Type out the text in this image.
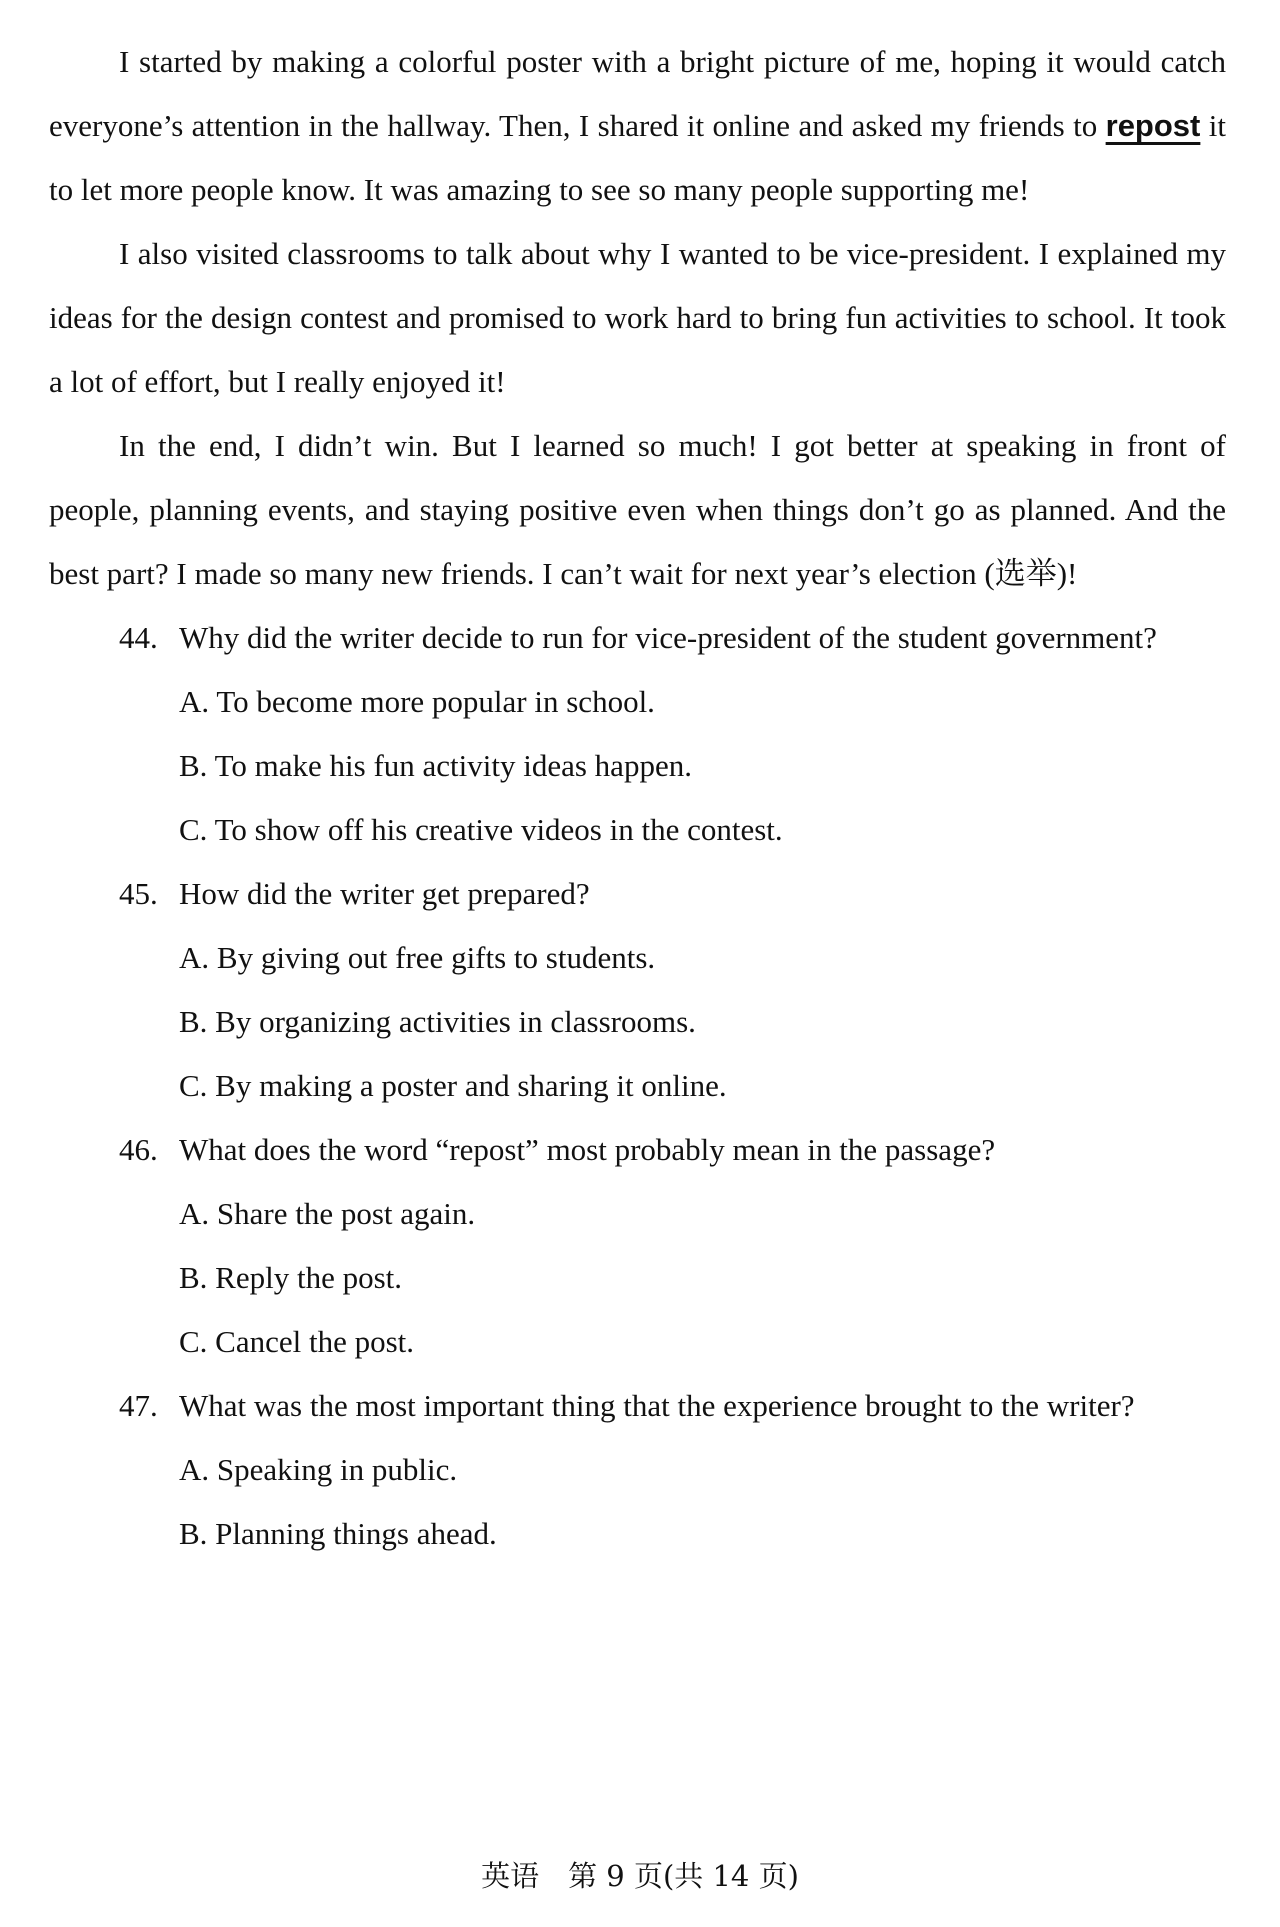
I started by making a colorful poster with a bright picture of me, hoping it would catch everyone’s attention in the hallway. Then, I shared it online and asked my friends to repost it to let more people know. It was amazing to see so many people supporting me!

I also visited classrooms to talk about why I wanted to be vice-president. I explained my ideas for the design contest and promised to work hard to bring fun activities to school. It took a lot of effort, but I really enjoyed it!

In the end, I didn’t win. But I learned so much! I got better at speaking in front of people, planning events, and staying positive even when things don’t go as planned. And the best part? I made so many new friends. I can’t wait for next year’s election (选举)!

44. Why did the writer decide to run for vice-president of the student government?

A. To become more popular in school.

B. To make his fun activity ideas happen.

C. To show off his creative videos in the contest.

45. How did the writer get prepared?

A. By giving out free gifts to students.

B. By organizing activities in classrooms.

C. By making a poster and sharing it online.

46. What does the word “repost” most probably mean in the passage?

A. Share the post again.

B. Reply the post.

C. Cancel the post.

47. What was the most important thing that the experience brought to the writer?

A. Speaking in public.

B. Planning things ahead.

英语　第 9 页(共 14 页)
